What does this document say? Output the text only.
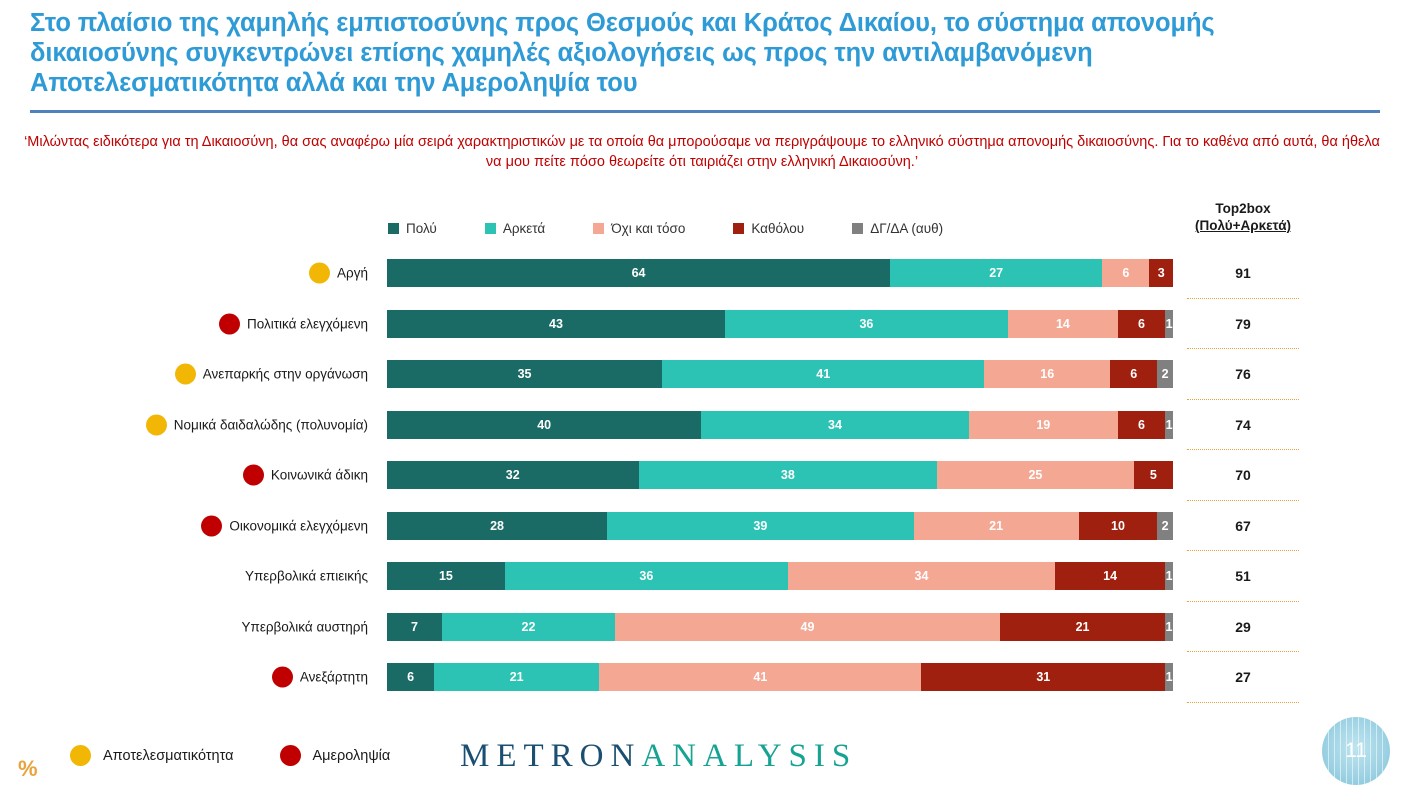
Στο πλαίσιο της χαμηλής εμπιστοσύνης προς Θεσμούς και Κράτος Δικαίου, το σύστημα απονομής δικαιοσύνης συγκεντρώνει επίσης χαμηλές αξιολογήσεις ως προς την αντιλαμβανόμενη Αποτελεσματικότητα αλλά και την Αμεροληψία του
‘Μιλώντας ειδικότερα για τη Δικαιοσύνη, θα σας αναφέρω μία σειρά χαρακτηριστικών με τα οποία θα μπορούσαμε να περιγράψουμε το ελληνικό σύστημα απονομής δικαιοσύνης. Για το καθένα από αυτά, θα ήθελα να μου πείτε πόσο θεωρείτε ότι ταιριάζει στην ελληνική Δικαιοσύνη.’
Πολύ	Αρκετά	Όχι και τόσο	Καθόλου	ΔΓ/ΔΑ (αυθ)
Top2box
(Πολύ+Αρκετά)
Αργή	64	27	6	3	91
Πολιτικά ελεγχόμενη	43	36	14	6	1	79
Ανεπαρκής στην οργάνωση	35	41	16	6	2	76
Νομικά δαιδαλώδης (πολυνομία)	40	34	19	6	1	74
Κοινωνικά άδικη	32	38	25	5	70
Οικονομικά ελεγχόμενη	28	39	21	10	2	67
Υπερβολικά επιεικής	15	36	34	14	1	51
Υπερβολικά αυστηρή	7	22	49	21	1	29
Ανεξάρτητη	6	21	41	31	1	27
%
Αποτελεσματικότητα	Αμεροληψία METRONANALYSIS	11
